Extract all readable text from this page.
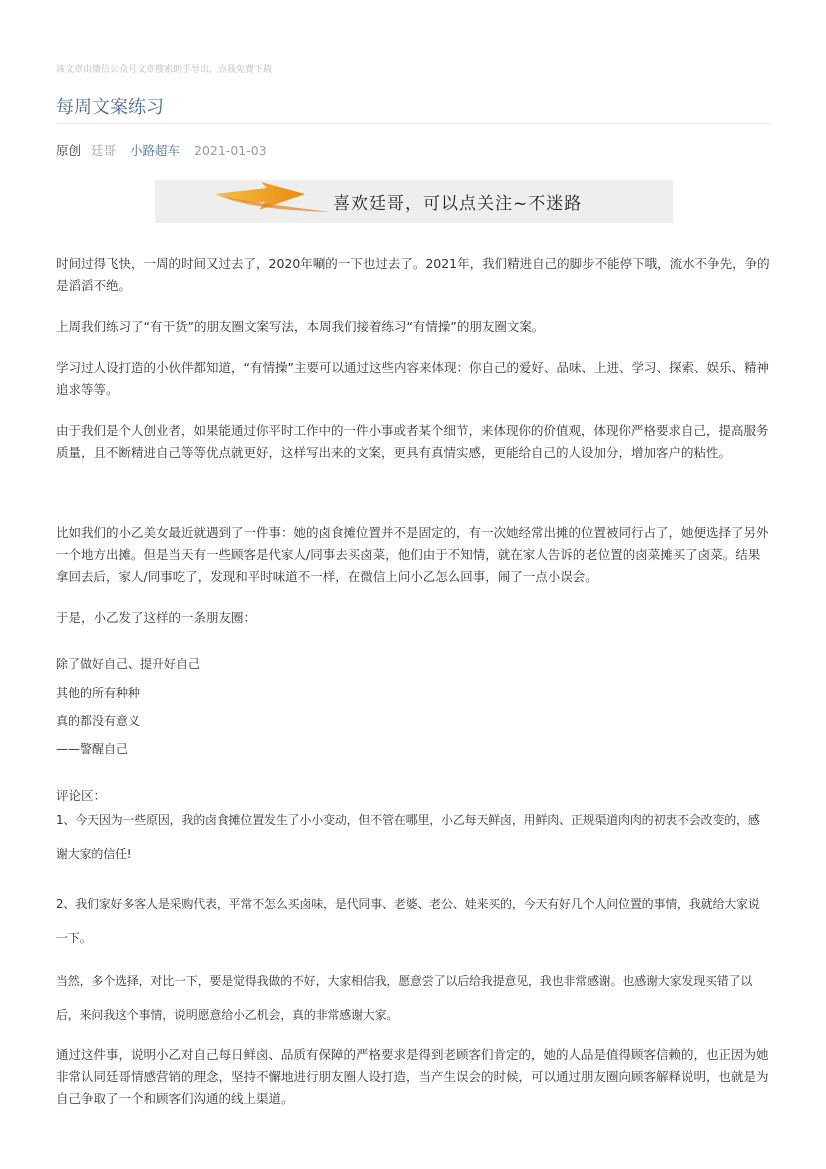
该文章由微信公众号文章搜索助手导出，点我免费下载
每周文案练习
原创 廷哥 小路超车 2021-01-03
喜欢廷哥，可以点关注~不迷路

时间过得飞快，一周的时间又过去了，2020年唰的一下也过去了。2021年，我们精进自己的脚步不能停下哦，流水不争先，争的是滔滔不绝。

上周我们练习了“有干货”的朋友圈文案写法，本周我们接着练习“有情操”的朋友圈文案。

学习过人设打造的小伙伴都知道，“有情操”主要可以通过这些内容来体现：你自己的爱好、品味、上进、学习、探索、娱乐、精神追求等等。

由于我们是个人创业者，如果能通过你平时工作中的一件小事或者某个细节，来体现你的价值观，体现你严格要求自己，提高服务质量，且不断精进自己等等优点就更好，这样写出来的文案，更具有真情实感，更能给自己的人设加分，增加客户的粘性。

比如我们的小乙美女最近就遇到了一件事：她的卤食摊位置并不是固定的，有一次她经常出摊的位置被同行占了，她便选择了另外一个地方出摊。但是当天有一些顾客是代家人/同事去买卤菜，他们由于不知情，就在家人告诉的老位置的卤菜摊买了卤菜。结果拿回去后，家人/同事吃了，发现和平时味道不一样，在微信上问小乙怎么回事，闹了一点小误会。

于是，小乙发了这样的一条朋友圈：

除了做好自己、提升好自己

其他的所有种种

真的都没有意义

——警醒自己

评论区：

1、今天因为一些原因，我的卤食摊位置发生了小小变动，但不管在哪里，小乙每天鲜卤，用鲜肉、正规渠道肉肉的初衷不会改变的，感谢大家的信任!

2、我们家好多客人是采购代表，平常不怎么买卤味，是代同事、老婆、老公、娃来买的，今天有好几个人问位置的事情，我就给大家说一下。

当然，多个选择，对比一下，要是觉得我做的不好，大家相信我，愿意尝了以后给我提意见，我也非常感谢。也感谢大家发现买错了以后，来问我这个事情，说明愿意给小乙机会，真的非常感谢大家。

通过这件事，说明小乙对自己每日鲜卤、品质有保障的严格要求是得到老顾客们肯定的，她的人品是值得顾客信赖的，也正因为她非常认同廷哥情感营销的理念，坚持不懈地进行朋友圈人设打造，当产生误会的时候，可以通过朋友圈向顾客解释说明，也就是为自己争取了一个和顾客们沟通的线上渠道。
